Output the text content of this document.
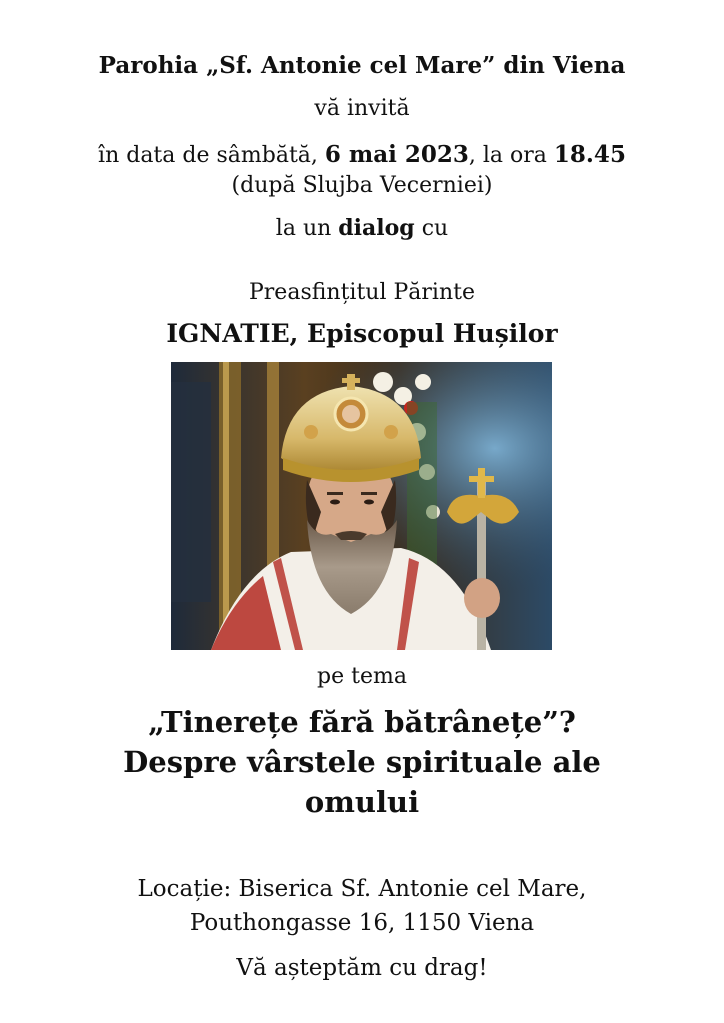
Parohia „Sf. Antonie cel Mare” din Viena
vă invită
în data de sâmbătă, 6 mai 2023, la ora 18.45
(după Slujba Vecerniei)
la un dialog cu
Preasfințitul Părinte
IGNATIE, Episcopul Hușilor
pe tema
„Tinerețe fără bătrânețe”?
Despre vârstele spirituale ale
omului
Locație: Biserica Sf. Antonie cel Mare,
Pouthongasse 16, 1150 Viena
Vă așteptăm cu drag!
